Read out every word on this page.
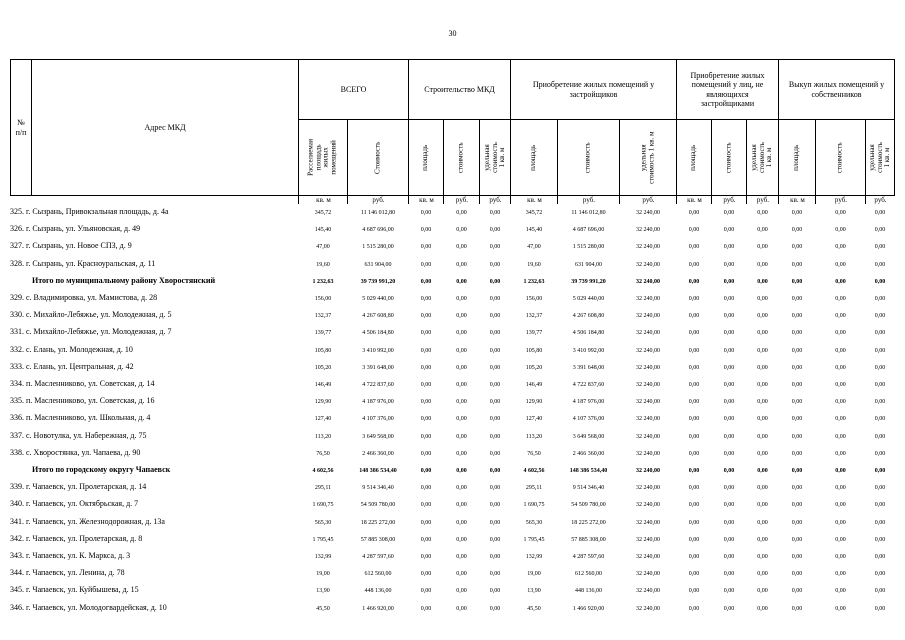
30
№
п/п
Адрес МКД
ВСЕГО	Строительство МКД
Приобретение жилых помещений у застройщиков
Приобретение жилых помещений у лиц, не являющихся застройщиками
Выкуп жилых помещений у собственников
Расселяемая площадь жилых помещений	Стоимость	площадь	стоимость	удельная стоимость 1 кв. м	площадь	стоимость	удельная стоимость 1 кв. м	площадь	стоимость	удельная стоимость 1 кв. м	площадь	стоимость	удельная стоимость 1 кв. м
кв. м	руб.	кв. м	руб.	руб.	кв. м	руб.	руб.	кв. м	руб.	руб.	кв. м	руб.	руб.
325. г. Сызрань, Привокзальная площадь, д. 4а	345,72	11 146 012,80	0,00	0,00	0,00	345,72	11 146 012,80	32 240,00	0,00	0,00	0,00	0,00	0,00	0,00
326. г. Сызрань, ул. Ульяновская, д. 49	145,40	4 687 696,00	0,00	0,00	0,00	145,40	4 687 696,00	32 240,00	0,00	0,00	0,00	0,00	0,00	0,00
327. г. Сызрань, ул. Новое СПЗ, д. 9	47,00	1 515 280,00	0,00	0,00	0,00	47,00	1 515 280,00	32 240,00	0,00	0,00	0,00	0,00	0,00	0,00
328. г. Сызрань, ул. Красноуральская, д. 11	19,60	631 904,00	0,00	0,00	0,00	19,60	631 904,00	32 240,00	0,00	0,00	0,00	0,00	0,00	0,00
Итого по муниципальному району Хворостянский	1 232,63	39 739 991,20	0,00	0,00	0,00	1 232,63	39 739 991,20	32 240,00	0,00	0,00	0,00	0,00	0,00	0,00
329. с. Владимировка, ул. Мамистова, д. 28	156,00	5 029 440,00	0,00	0,00	0,00	156,00	5 029 440,00	32 240,00	0,00	0,00	0,00	0,00	0,00	0,00
330. с. Михайло-Лебяжье, ул. Молодежная, д. 5	132,37	4 267 608,80	0,00	0,00	0,00	132,37	4 267 608,80	32 240,00	0,00	0,00	0,00	0,00	0,00	0,00
331. с. Михайло-Лебяжье, ул. Молодежная, д. 7	139,77	4 506 184,80	0,00	0,00	0,00	139,77	4 506 184,80	32 240,00	0,00	0,00	0,00	0,00	0,00	0,00
332. с. Елань, ул. Молодежная, д. 10	105,80	3 410 992,00	0,00	0,00	0,00	105,80	3 410 992,00	32 240,00	0,00	0,00	0,00	0,00	0,00	0,00
333. с. Елань, ул. Центральная, д. 42	105,20	3 391 648,00	0,00	0,00	0,00	105,20	3 391 648,00	32 240,00	0,00	0,00	0,00	0,00	0,00	0,00
334. п. Масленниково, ул. Советская, д. 14	146,49	4 722 837,60	0,00	0,00	0,00	146,49	4 722 837,60	32 240,00	0,00	0,00	0,00	0,00	0,00	0,00
335. п. Масленниково, ул. Советская, д. 16	129,90	4 187 976,00	0,00	0,00	0,00	129,90	4 187 976,00	32 240,00	0,00	0,00	0,00	0,00	0,00	0,00
336. п. Масленниково, ул. Школьная, д. 4	127,40	4 107 376,00	0,00	0,00	0,00	127,40	4 107 376,00	32 240,00	0,00	0,00	0,00	0,00	0,00	0,00
337. с. Новотулка, ул. Набережная, д. 75	113,20	3 649 568,00	0,00	0,00	0,00	113,20	3 649 568,00	32 240,00	0,00	0,00	0,00	0,00	0,00	0,00
338. с. Хворостянка, ул. Чапаева, д. 90	76,50	2 466 360,00	0,00	0,00	0,00	76,50	2 466 360,00	32 240,00	0,00	0,00	0,00	0,00	0,00	0,00
Итого по городскому округу Чапаевск	4 602,56	148 386 534,40	0,00	0,00	0,00	4 602,56	148 386 534,40	32 240,00	0,00	0,00	0,00	0,00	0,00	0,00
339. г. Чапаевск, ул. Пролетарская, д. 14	295,11	9 514 346,40	0,00	0,00	0,00	295,11	9 514 346,40	32 240,00	0,00	0,00	0,00	0,00	0,00	0,00
340. г. Чапаевск, ул. Октябрьская, д. 7	1 690,75	54 509 780,00	0,00	0,00	0,00	1 690,75	54 509 780,00	32 240,00	0,00	0,00	0,00	0,00	0,00	0,00
341. г. Чапаевск, ул. Железнодорожная, д. 13а	565,30	18 225 272,00	0,00	0,00	0,00	565,30	18 225 272,00	32 240,00	0,00	0,00	0,00	0,00	0,00	0,00
342. г. Чапаевск, ул. Пролетарская, д. 8	1 795,45	57 885 308,00	0,00	0,00	0,00	1 795,45	57 885 308,00	32 240,00	0,00	0,00	0,00	0,00	0,00	0,00
343. г. Чапаевск, ул. К. Маркса, д. 3	132,99	4 287 597,60	0,00	0,00	0,00	132,99	4 287 597,60	32 240,00	0,00	0,00	0,00	0,00	0,00	0,00
344. г. Чапаевск, ул. Ленина, д. 78	19,00	612 560,00	0,00	0,00	0,00	19,00	612 560,00	32 240,00	0,00	0,00	0,00	0,00	0,00	0,00
345. г. Чапаевск, ул. Куйбышева, д. 15	13,90	448 136,00	0,00	0,00	0,00	13,90	448 136,00	32 240,00	0,00	0,00	0,00	0,00	0,00	0,00
346. г. Чапаевск, ул. Молодогвардейская, д. 10	45,50	1 466 920,00	0,00	0,00	0,00	45,50	1 466 920,00	32 240,00	0,00	0,00	0,00	0,00	0,00	0,00
